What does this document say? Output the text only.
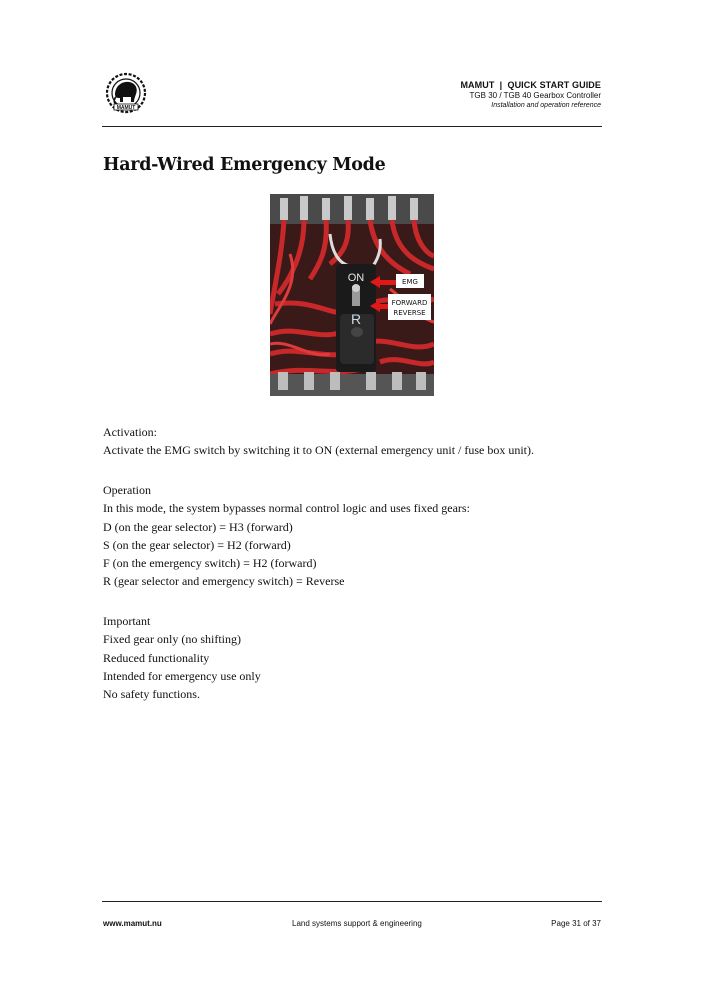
MAMUT
MAMUT  |  QUICK START GUIDE
TGB 30 / TGB 40 Gearbox Controller
Installation and operation reference
Hard-Wired Emergency Mode
ON
R
EMG
FORWARD
REVERSE

Activation:

Activate the EMG switch by switching it to ON (external emergency unit / fuse box unit).

Operation

In this mode, the system bypasses normal control logic and uses fixed gears:

D (on the gear selector) = H3 (forward)

S (on the gear selector) = H2 (forward)

F (on the emergency switch) = H2 (forward)

R (gear selector and emergency switch) = Reverse

Important

Fixed gear only (no shifting)

Reduced functionality

Intended for emergency use only

No safety functions.

www.mamut.nu	Land systems support & engineering	Page 31 of 37
